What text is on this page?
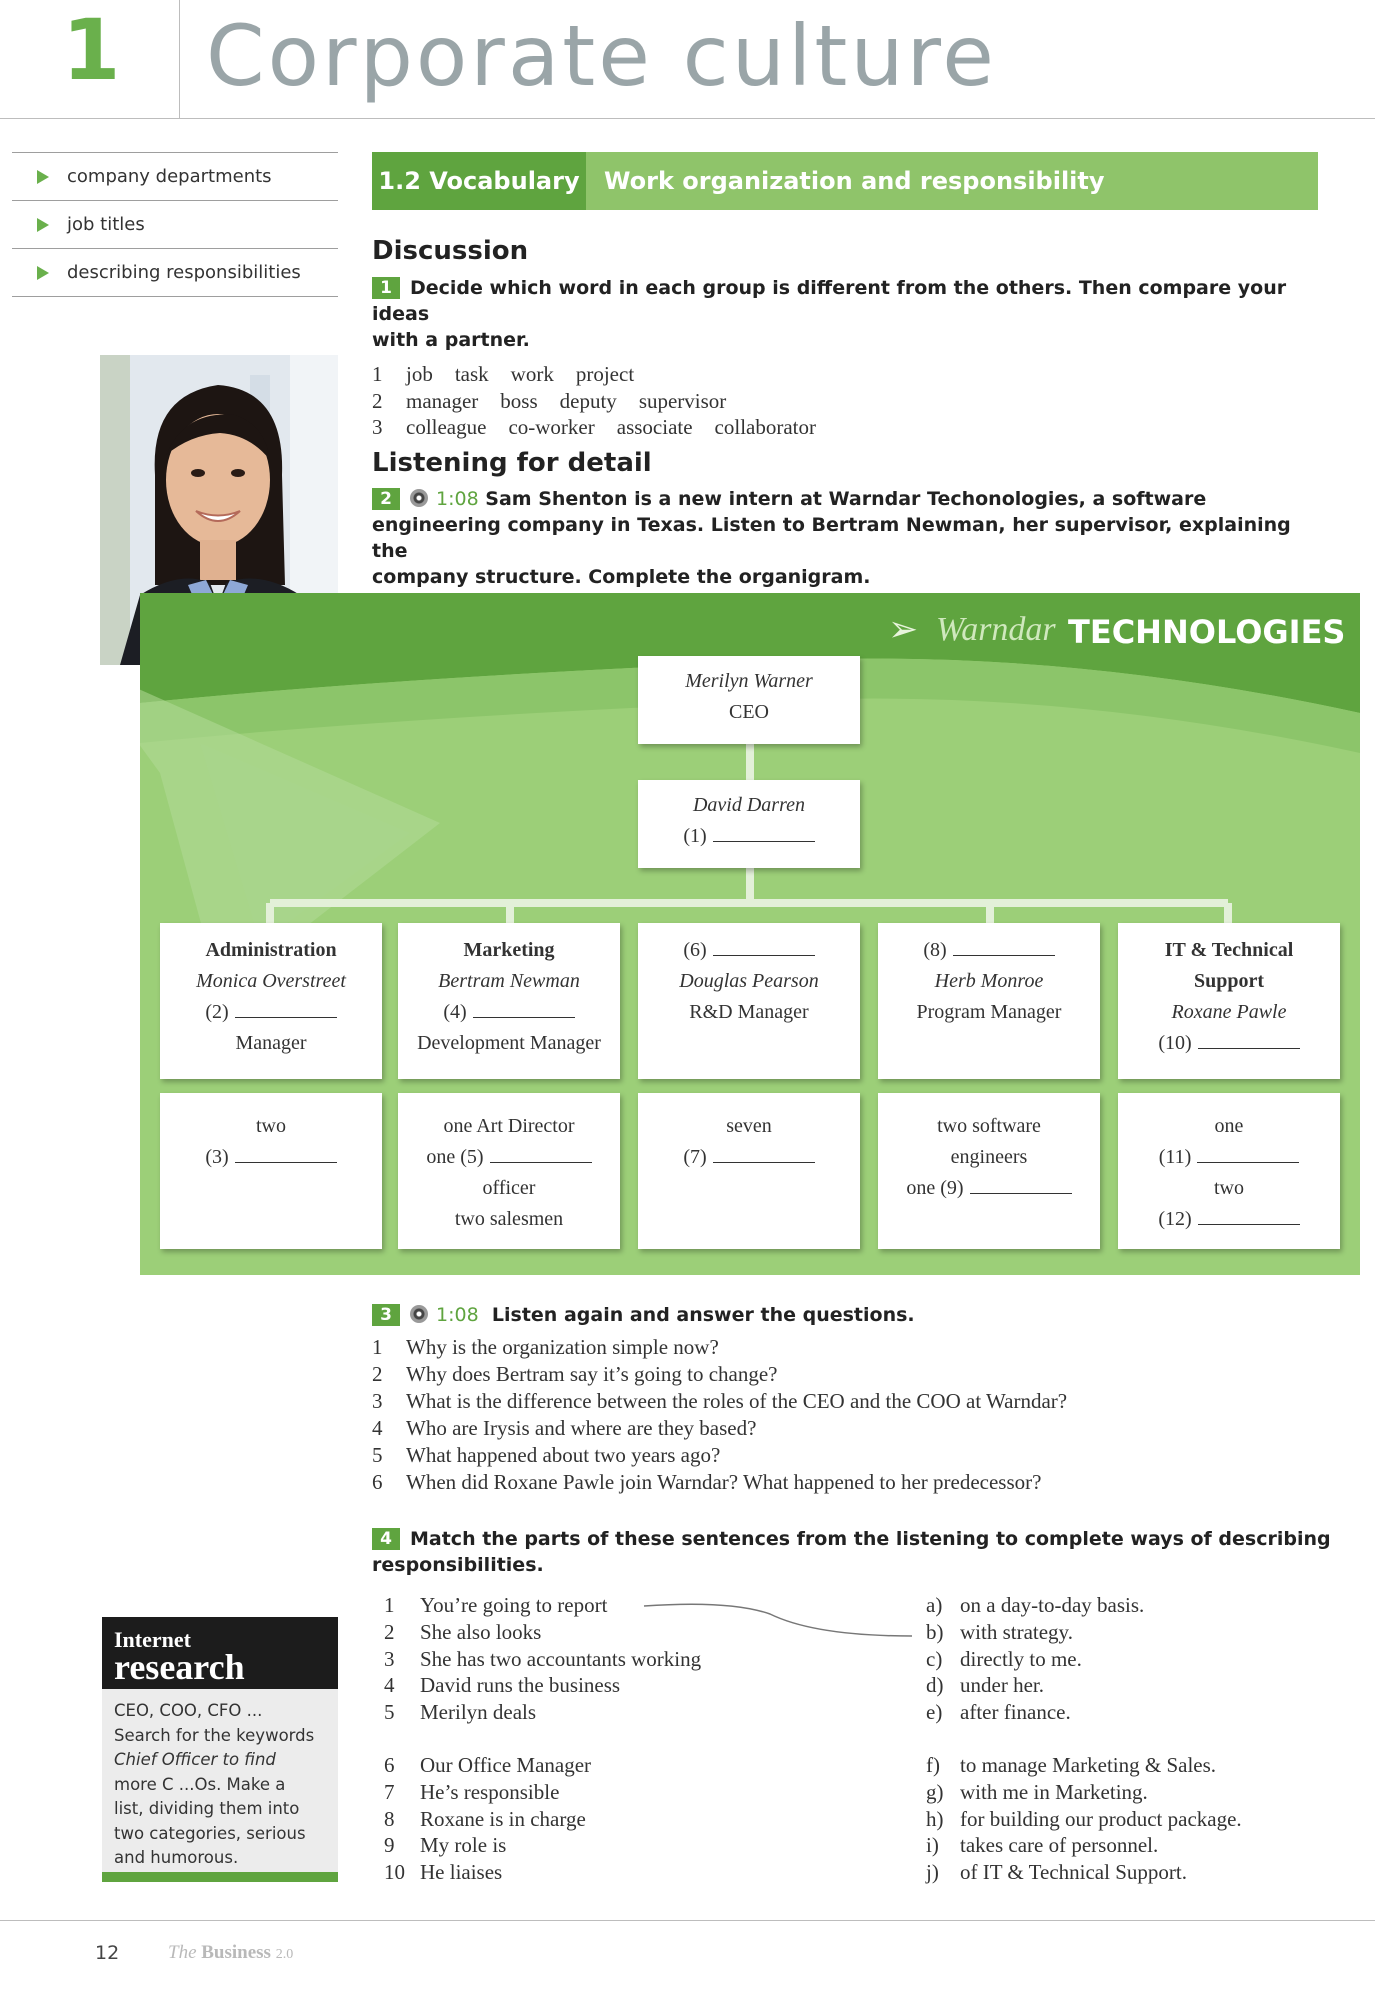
1 Corporate culture
company departments
job titles
describing responsibilities
1.2 Vocabulary Work organization and responsibility
Discussion
1 Decide which word in each group is different from the others. Then compare your ideas
with a partner.
1 job task work project
2 manager boss deputy supervisor
3 colleague co-worker associate collaborator
Listening for detail
2 1:08 Sam Shenton is a new intern at Warndar Techonologies, a software
engineering company in Texas. Listen to Bertram Newman, her supervisor, explaining the
company structure. Complete the organigram.
➢ Warndar TECHNOLOGIES
Merilyn Warner
CEO
David Darren
(1)
Administration
Monica Overstreet
(2)
Manager
Marketing
Bertram Newman
(4)
Development Manager
(6)
Douglas Pearson
R&D Manager
(8)
Herb Monroe
Program Manager
IT & Technical
Support
Roxane Pawle
(10)
two
(3)
one Art Director
one (5)
officer
two salesmen
seven
(7)
two software
engineers
one (9)
one
(11)
two
(12)
3 1:08 Listen again and answer the questions.
1 Why is the organization simple now?
2 Why does Bertram say it’s going to change?
3 What is the difference between the roles of the CEO and the COO at Warndar?
4 Who are Irysis and where are they based?
5 What happened about two years ago?
6 When did Roxane Pawle join Warndar? What happened to her predecessor?
4 Match the parts of these sentences from the listening to complete ways of describing
responsibilities.
1 You’re going to report
2 She also looks
3 She has two accountants working
4 David runs the business
5 Merilyn deals
6 Our Office Manager
7 He’s responsible
8 Roxane is in charge
9 My role is
10 He liaises
a) on a day-to-day basis.
b) with strategy.
c) directly to me.
d) under her.
e) after finance.
f) to manage Marketing & Sales.
g) with me in Marketing.
h) for building our product package.
i) takes care of personnel.
j) of IT & Technical Support.
Internet
research
CEO, COO, CFO ...
Search for the keywords
Chief Officer to find
more C ...Os. Make a
list, dividing them into
two categories, serious
and humorous.
12	The Business 2.0
